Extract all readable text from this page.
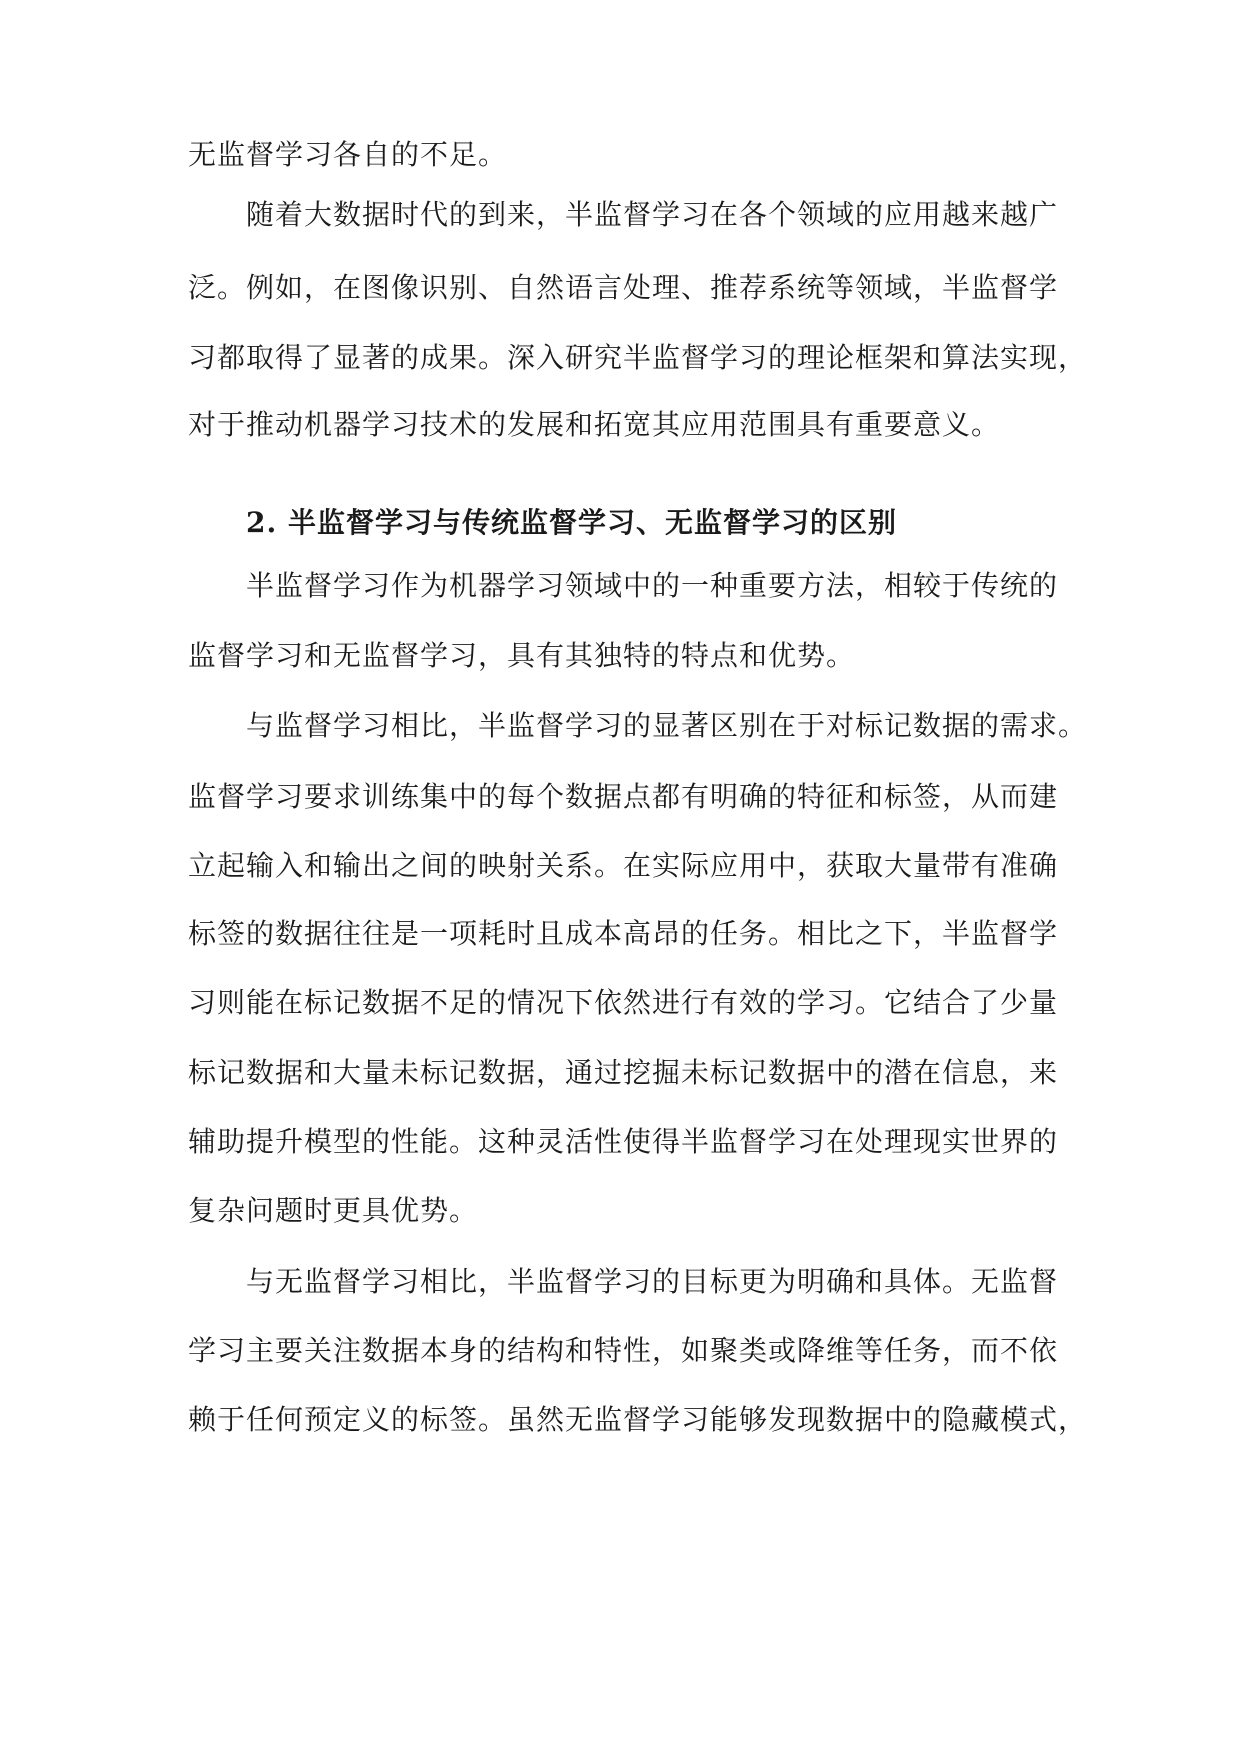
无监督学习各自的不足。
随着大数据时代的到来，半监督学习在各个领域的应用越来越广
泛。例如，在图像识别、自然语言处理、推荐系统等领域，半监督学
习都取得了显著的成果。深入研究半监督学习的理论框架和算法实现，
对于推动机器学习技术的发展和拓宽其应用范围具有重要意义。
2. 半监督学习与传统监督学习、无监督学习的区别
半监督学习作为机器学习领域中的一种重要方法，相较于传统的
监督学习和无监督学习，具有其独特的特点和优势。
与监督学习相比，半监督学习的显著区别在于对标记数据的需求。
监督学习要求训练集中的每个数据点都有明确的特征和标签，从而建
立起输入和输出之间的映射关系。在实际应用中，获取大量带有准确
标签的数据往往是一项耗时且成本高昂的任务。相比之下，半监督学
习则能在标记数据不足的情况下依然进行有效的学习。它结合了少量
标记数据和大量未标记数据，通过挖掘未标记数据中的潜在信息，来
辅助提升模型的性能。这种灵活性使得半监督学习在处理现实世界的
复杂问题时更具优势。
与无监督学习相比，半监督学习的目标更为明确和具体。无监督
学习主要关注数据本身的结构和特性，如聚类或降维等任务，而不依
赖于任何预定义的标签。虽然无监督学习能够发现数据中的隐藏模式，
